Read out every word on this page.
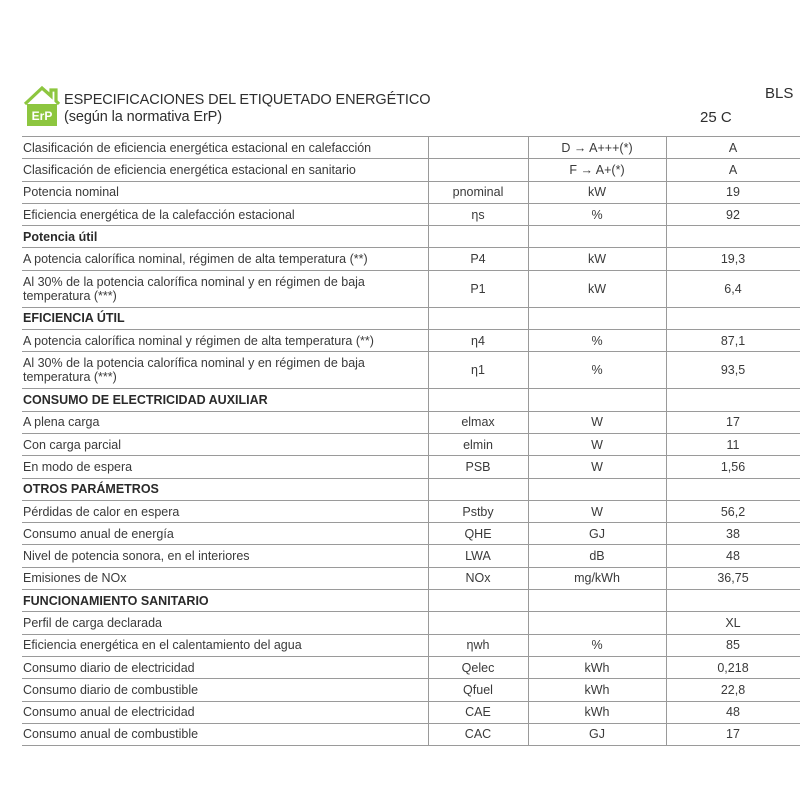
ErP
ESPECIFICACIONES DEL ETIQUETADO ENERGÉTICO
(según la normativa ErP)
BLS
25 C
Clasificación de eficiencia energética estacional en calefacción		D → A+++(*)	A
Clasificación de eficiencia energética estacional en sanitario		F → A+(*)	A
Potencia nominal	pnominal	kW	19
Eficiencia energética de la calefacción estacional	ηs	%	92
Potencia útil			
A potencia calorífica nominal, régimen de alta temperatura (**)	P4	kW	19,3
Al 30% de la potencia calorífica nominal y en régimen de baja temperatura (***)	P1	kW	6,4
EFICIENCIA ÚTIL			
A potencia calorífica nominal y régimen de alta temperatura (**)	η4	%	87,1
Al 30% de la potencia calorífica nominal y en régimen de baja temperatura (***)	η1	%	93,5
CONSUMO DE ELECTRICIDAD AUXILIAR			
A plena carga	elmax	W	17
Con carga parcial	elmin	W	11
En modo de espera	PSB	W	1,56
OTROS PARÁMETROS			
Pérdidas de calor en espera	Pstby	W	56,2
Consumo anual de energía	QHE	GJ	38
Nivel de potencia sonora, en el interiores	LWA	dB	48
Emisiones de NOx	NOx	mg/kWh	36,75
FUNCIONAMIENTO SANITARIO			
Perfil de carga declarada			XL
Eficiencia energética en el calentamiento del agua	ηwh	%	85
Consumo diario de electricidad	Qelec	kWh	0,218
Consumo diario de combustible	Qfuel	kWh	22,8
Consumo anual de electricidad	CAE	kWh	48
Consumo anual de combustible	CAC	GJ	17
